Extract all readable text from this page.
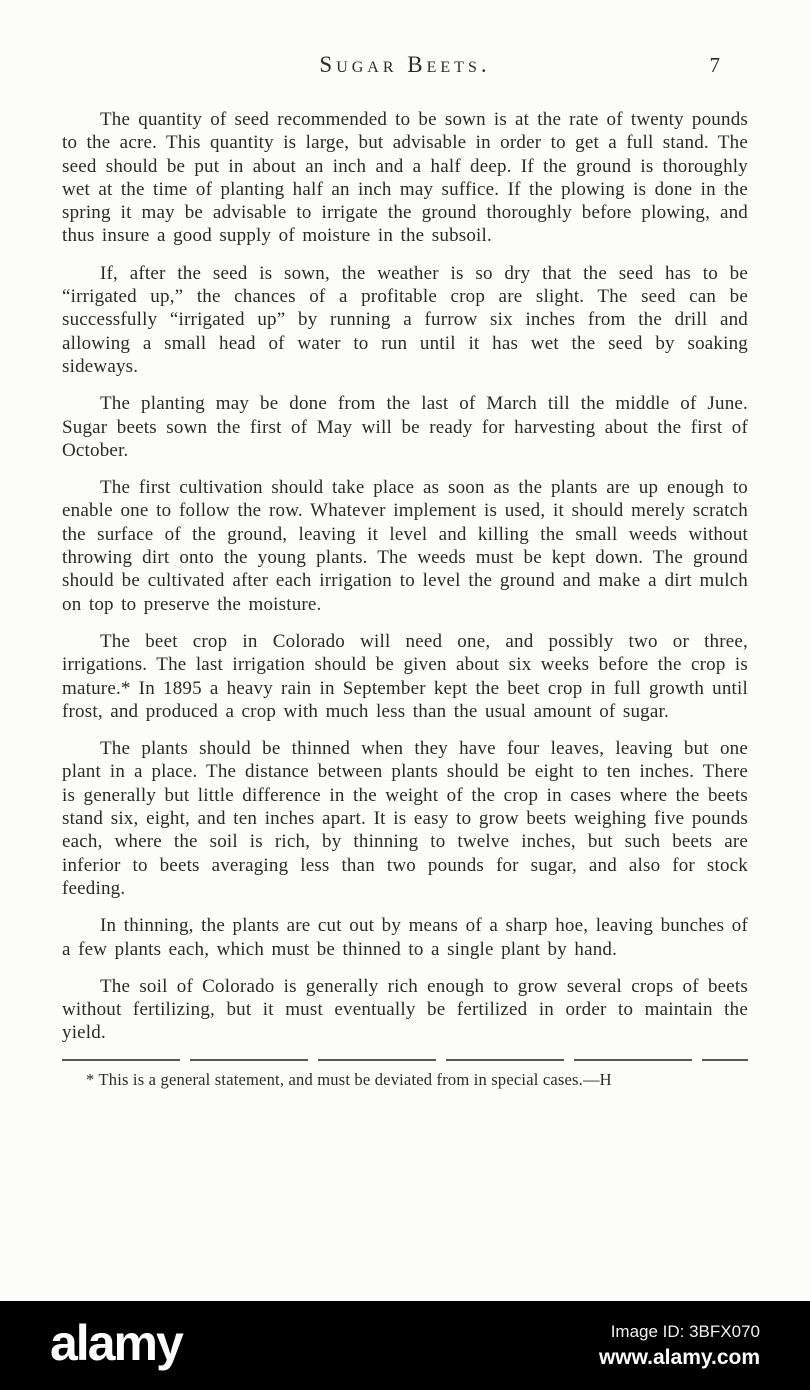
Sugar Beets.	7

The quantity of seed recommended to be sown is at the rate of twenty pounds to the acre. This quantity is large, but advisable in order to get a full stand. The seed should be put in about an inch and a half deep. If the ground is thoroughly wet at the time of planting half an inch may suffice. If the plowing is done in the spring it may be advisable to irrigate the ground thoroughly before plowing, and thus insure a good supply of moisture in the subsoil.

If, after the seed is sown, the weather is so dry that the seed has to be “irrigated up,” the chances of a profitable crop are slight. The seed can be successfully “irrigated up” by running a furrow six inches from the drill and allowing a small head of water to run until it has wet the seed by soaking sideways.

The planting may be done from the last of March till the middle of June. Sugar beets sown the first of May will be ready for harvesting about the first of October.

The first cultivation should take place as soon as the plants are up enough to enable one to follow the row. Whatever implement is used, it should merely scratch the surface of the ground, leaving it level and killing the small weeds without throwing dirt onto the young plants. The weeds must be kept down. The ground should be cultivated after each irrigation to level the ground and make a dirt mulch on top to preserve the moisture.

The beet crop in Colorado will need one, and possibly two or three, irrigations. The last irrigation should be given about six weeks before the crop is mature.* In 1895 a heavy rain in September kept the beet crop in full growth until frost, and produced a crop with much less than the usual amount of sugar.

The plants should be thinned when they have four leaves, leaving but one plant in a place. The distance between plants should be eight to ten inches. There is generally but little difference in the weight of the crop in cases where the beets stand six, eight, and ten inches apart. It is easy to grow beets weighing five pounds each, where the soil is rich, by thinning to twelve inches, but such beets are inferior to beets averaging less than two pounds for sugar, and also for stock feeding.

In thinning, the plants are cut out by means of a sharp hoe, leaving bunches of a few plants each, which must be thinned to a single plant by hand.

The soil of Colorado is generally rich enough to grow several crops of beets without fertilizing, but it must eventually be fertilized in order to maintain the yield.

* This is a general statement, and must be deviated from in special cases.—H
alamy	Image ID: 3BFX070
www.alamy.com
